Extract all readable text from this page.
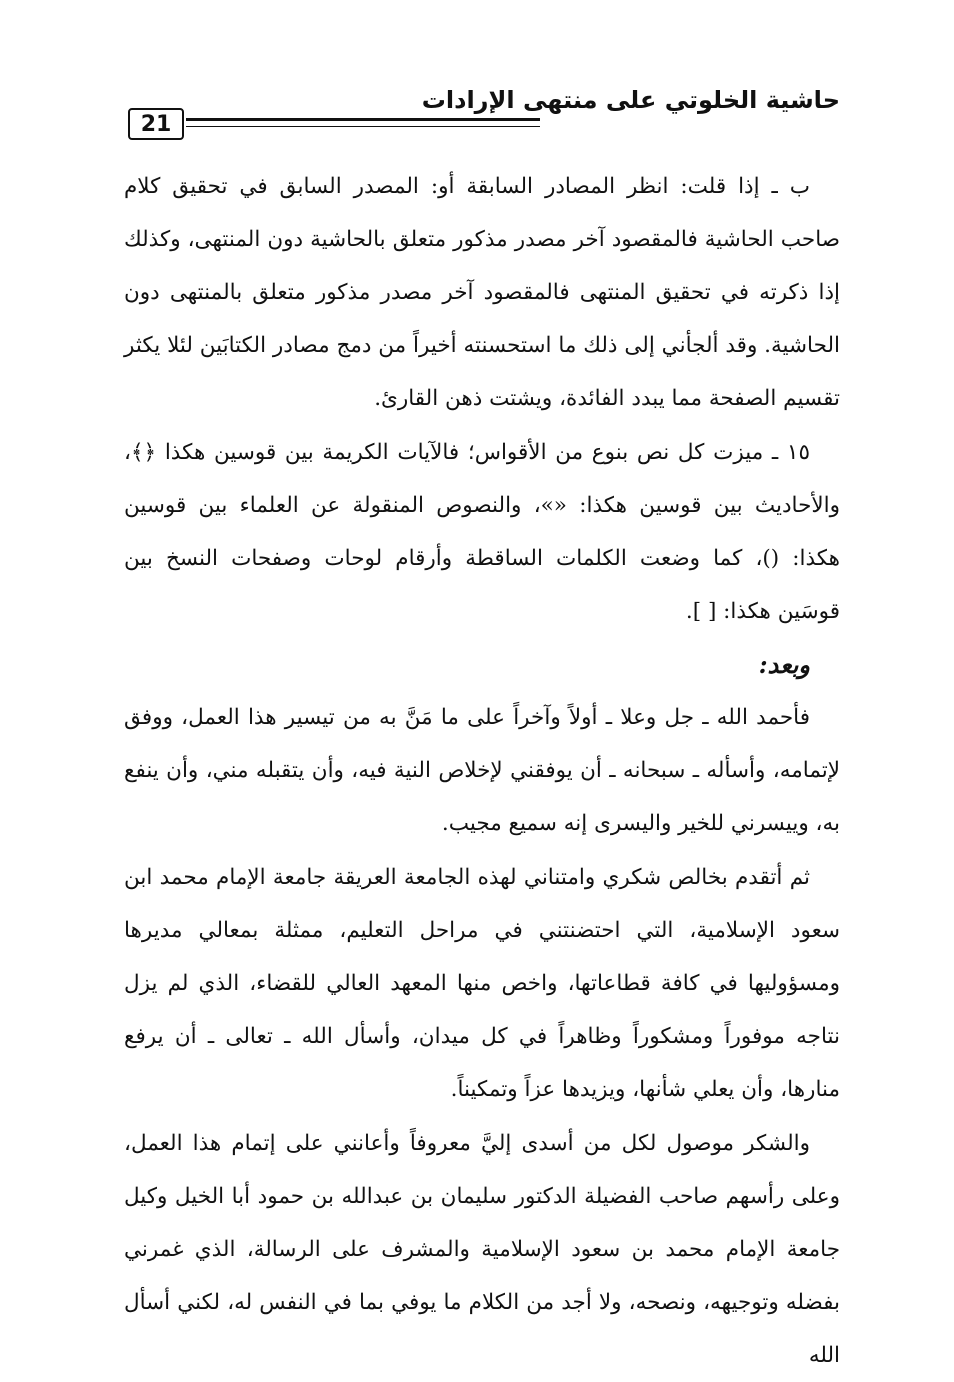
حاشية الخلوتي على منتهى الإرادات
21

ب ـ إذا قلت: انظر المصادر السابقة أو: المصدر السابق في تحقيق كلام صاحب الحاشية فالمقصود آخر مصدر مذكور متعلق بالحاشية دون المنتهى، وكذلك إذا ذكرته في تحقيق المنتهى فالمقصود آخر مصدر مذكور متعلق بالمنتهى دون الحاشية. وقد ألجأني إلى ذلك ما استحسنته أخيراً من دمج مصادر الكتابَين لئلا يكثر تقسيم الصفحة مما يبدد الفائدة، ويشتت ذهن القارئ.

١٥ ـ ميزت كل نص بنوع من الأقواس؛ فالآيات الكريمة بين قوسين هكذا ﴿﴾، والأحاديث بين قوسين هكذا: «»، والنصوص المنقولة عن العلماء بين قوسين هكذا: ()، كما وضعت الكلمات الساقطة وأرقام لوحات وصفحات النسخ بين قوسَين هكذا: [ ].

وبعد:

فأحمد الله ـ جل وعلا ـ أولاً وآخراً على ما مَنَّ به من تيسير هذا العمل، ووفق لإتمامه، وأسأله ـ سبحانه ـ أن يوفقني لإخلاص النية فيه، وأن يتقبله مني، وأن ينفع به، وييسرني للخير واليسرى إنه سميع مجيب.

ثم أتقدم بخالص شكري وامتناني لهذه الجامعة العريقة جامعة الإمام محمد ابن سعود الإسلامية، التي احتضنتني في مراحل التعليم، ممثلة بمعالي مديرها ومسؤوليها في كافة قطاعاتها، واخص منها المعهد العالي للقضاء، الذي لم يزل نتاجه موفوراً ومشكوراً وظاهراً في كل ميدان، وأسأل الله ـ تعالى ـ أن يرفع منارها، وأن يعلي شأنها، ويزيدها عزاً وتمكيناً.

والشكر موصول لكل من أسدى إليَّ معروفاً وأعانني على إتمام هذا العمل، وعلى رأسهم صاحب الفضيلة الدكتور سليمان بن عبدالله بن حمود أبا الخيل وكيل جامعة الإمام محمد بن سعود الإسلامية والمشرف على الرسالة، الذي غمرني بفضله وتوجيهه، ونصحه، ولا أجد من الكلام ما يوفي بما في النفس له، لكني أسأل الله
